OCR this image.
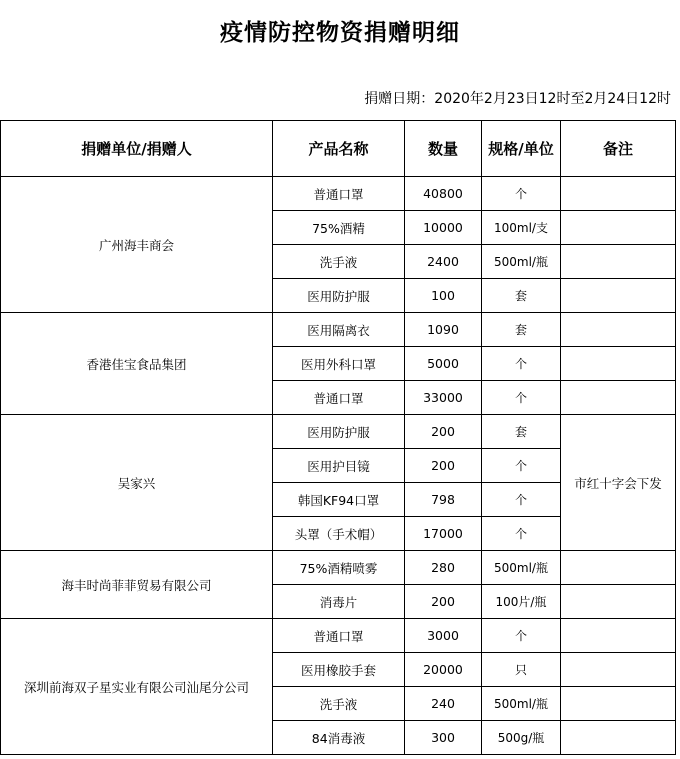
疫情防控物资捐赠明细
捐赠日期：2020年2月23日12时至2月24日12时
捐赠单位/捐赠人	产品名称	数量	规格/单位	备注
广州海丰商会	普通口罩	40800	个	
	75%酒精	10000	100ml/支	
	洗手液	2400	500ml/瓶	
	医用防护服	100	套	
香港佳宝食品集团	医用隔离衣	1090	套	
	医用外科口罩	5000	个	
	普通口罩	33000	个	
吴家兴	医用防护服	200	套	市红十字会下发
	医用护目镜	200	个	
	韩国KF94口罩	798	个	
	头罩（手术帽）	17000	个	
海丰时尚菲菲贸易有限公司	75%酒精喷雾	280	500ml/瓶	
	消毒片	200	100片/瓶	
深圳前海双子星实业有限公司汕尾分公司	普通口罩	3000	个	
	医用橡胶手套	20000	只	
	洗手液	240	500ml/瓶	
	84消毒液	300	500g/瓶	
